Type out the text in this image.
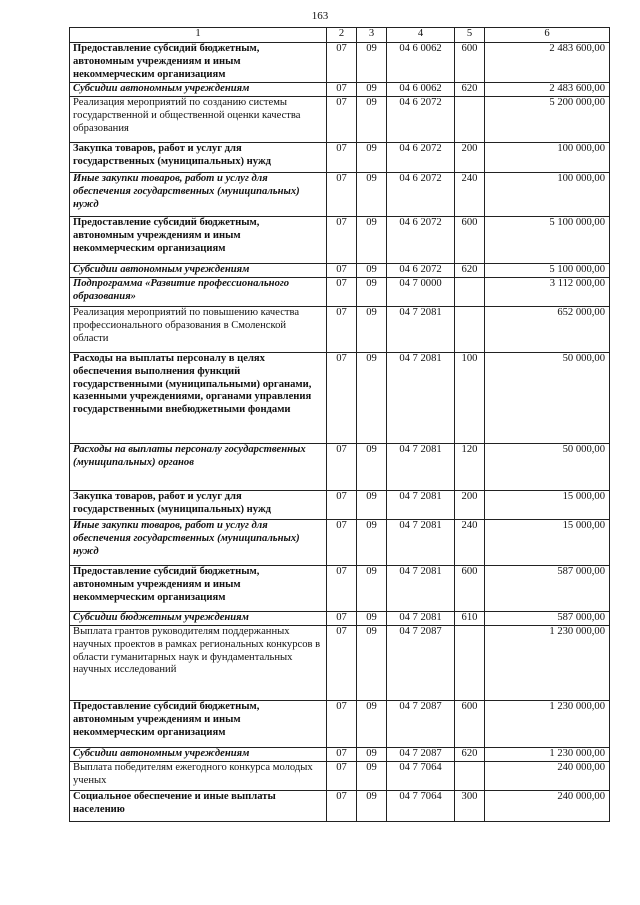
163
1	2	3	4	5	6
Предоставление субсидий бюджетным, автономным учреждениям и иным некоммерческим организациям	07	09	04 6 0062	600	2 483 600,00
Субсидии автономным учреждениям	07	09	04 6 0062	620	2 483 600,00
Реализация мероприятий по созданию системы государственной и общественной оценки качества образования	07	09	04 6 2072		5 200 000,00
Закупка товаров, работ и услуг для государственных (муниципальных) нужд	07	09	04 6 2072	200	100 000,00
Иные закупки товаров, работ и услуг для обеспечения государственных (муниципальных) нужд	07	09	04 6 2072	240	100 000,00
Предоставление субсидий бюджетным, автономным учреждениям и иным некоммерческим организациям	07	09	04 6 2072	600	5 100 000,00
Субсидии автономным учреждениям	07	09	04 6 2072	620	5 100 000,00
Подпрограмма «Развитие профессионального образования»	07	09	04 7 0000		3 112 000,00
Реализация мероприятий по повышению качества профессионального образования в Смоленской области	07	09	04 7 2081		652 000,00
Расходы на выплаты персоналу в целях обеспечения выполнения функций государственными (муниципальными) органами, казенными учреждениями, органами управления государственными внебюджетными фондами	07	09	04 7 2081	100	50 000,00
Расходы на выплаты персоналу государственных (муниципальных) органов	07	09	04 7 2081	120	50 000,00
Закупка товаров, работ и услуг для государственных (муниципальных) нужд	07	09	04 7 2081	200	15 000,00
Иные закупки товаров, работ и услуг для обеспечения государственных (муниципальных) нужд	07	09	04 7 2081	240	15 000,00
Предоставление субсидий бюджетным, автономным учреждениям и иным некоммерческим организациям	07	09	04 7 2081	600	587 000,00
Субсидии бюджетным учреждениям	07	09	04 7 2081	610	587 000,00
Выплата грантов руководителям поддержанных научных проектов в рамках региональных конкурсов в области гуманитарных наук и фундаментальных научных исследований	07	09	04 7 2087		1 230 000,00
Предоставление субсидий бюджетным, автономным учреждениям и иным некоммерческим организациям	07	09	04 7 2087	600	1 230 000,00
Субсидии автономным учреждениям	07	09	04 7 2087	620	1 230 000,00
Выплата победителям ежегодного конкурса молодых ученых	07	09	04 7 7064		240 000,00
Социальное обеспечение и иные выплаты населению	07	09	04 7 7064	300	240 000,00
